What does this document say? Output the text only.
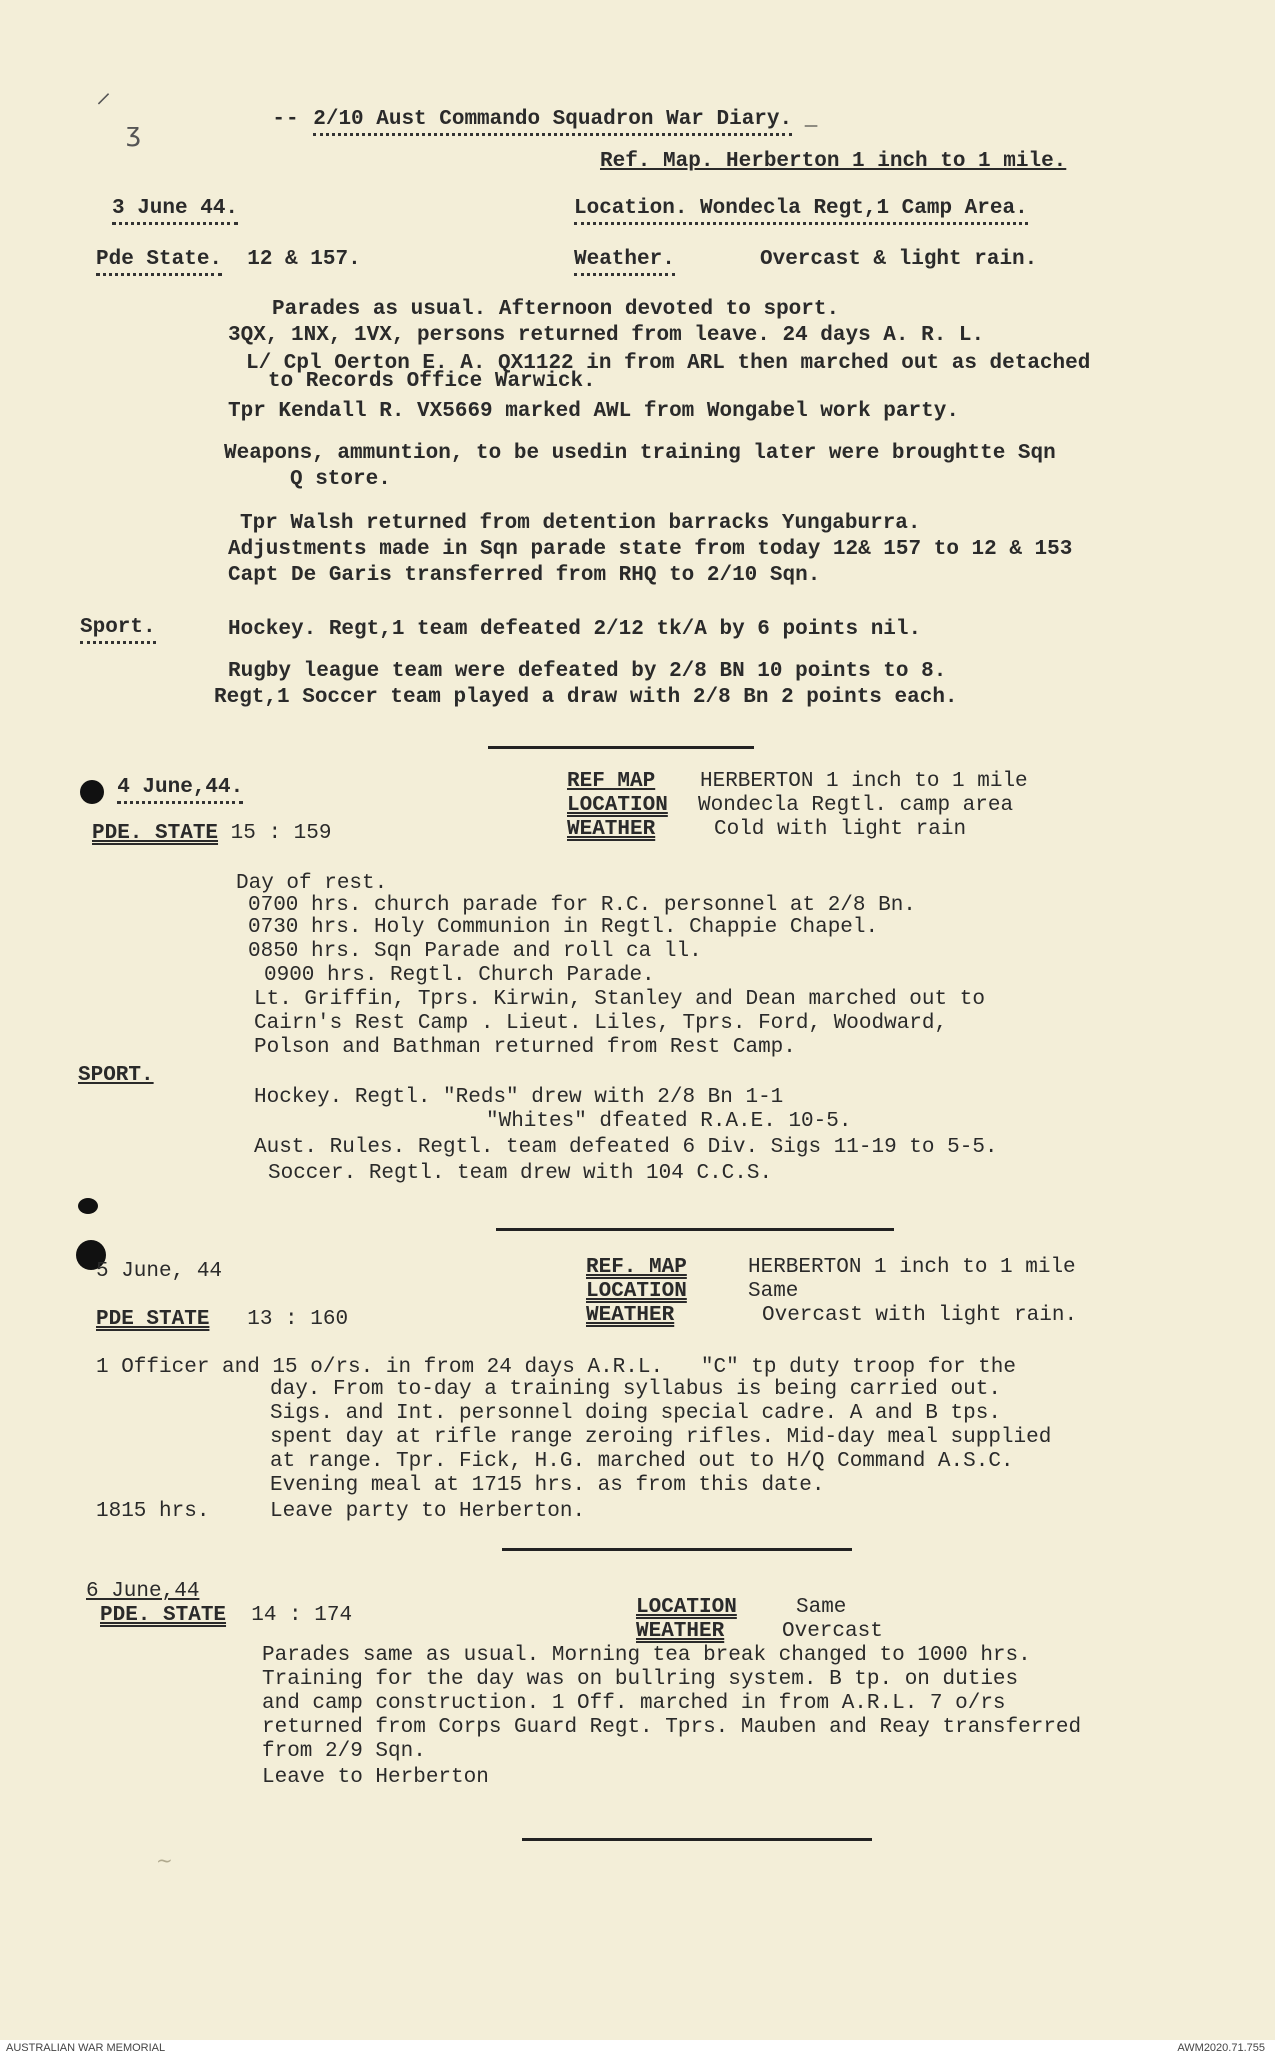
⸝
ʒ	-- 2/10 Aust Commando Squadron War Diary. _

Ref. Map. Herberton 1 inch to 1 mile.
3 June 44.	Location. Wondecla Regt,1 Camp Area.
Pde State. 12 & 157.	Weather.	Overcast & light rain.
Parades as usual. Afternoon devoted to sport.
3QX, 1NX, 1VX, persons returned from leave. 24 days A. R. L.
L/ Cpl Oerton E. A. QX1122 in from ARL then marched out as detached
to Records Office Warwick.
Tpr Kendall R. VX5669 marked AWL from Wongabel work party.
Weapons, ammuntion, to be usedin training later were broughtte Sqn
Q store.
Tpr Walsh returned from detention barracks Yungaburra.
Adjustments made in Sqn parade state from today 12& 157 to 12 & 153
Capt De Garis transferred from RHQ to 2/10 Sqn.
Sport.	Hockey. Regt,1 team defeated 2/12 tk/A by 6 points nil.
Rugby league team were defeated by 2/8 BN 10 points to 8.
Regt,1 Soccer team played a draw with 2/8 Bn 2 points each.
4 June,44.	REF MAP HERBERTON 1 inch to 1 mile
LOCATION Wondecla Regtl. camp area
WEATHER	Cold with light rain
PDE. STATE 15 : 159
Day of rest.
0700 hrs. church parade for R.C. personnel at 2/8 Bn.
0730 hrs. Holy Communion in Regtl. Chappie Chapel.
0850 hrs. Sqn Parade and roll ca ll.
0900 hrs. Regtl. Church Parade.
Lt. Griffin, Tprs. Kirwin, Stanley and Dean marched out to
Cairn's Rest Camp . Lieut. Liles, Tprs. Ford, Woodward,
Polson and Bathman returned from Rest Camp.
SPORT.
Hockey. Regtl. "Reds" drew with 2/8 Bn 1-1
"Whites" dfeated R.A.E. 10-5.
Aust. Rules. Regtl. team defeated 6 Div. Sigs 11-19 to 5-5.
Soccer. Regtl. team drew with 104 C.C.S.
5 June, 44	REF. MAP	HERBERTON 1 inch to 1 mile
LOCATION	Same
WEATHER	Overcast with light rain.
PDE STATE 13 : 160
1 Officer and 15 o/rs. in from 24 days A.R.L.   "C" tp duty troop for the
day. From to-day a training syllabus is being carried out.
Sigs. and Int. personnel doing special cadre. A and B tps.
spent day at rifle range zeroing rifles. Mid-day meal supplied
at range. Tpr. Fick, H.G. marched out to H/Q Command A.S.C.
Evening meal at 1715 hrs. as from this date.
1815 hrs.	Leave party to Herberton.
6 June,44
PDE. STATE 14 : 174	LOCATION	Same
WEATHER	Overcast
Parades same as usual. Morning tea break changed to 1000 hrs.
Training for the day was on bullring system. B tp. on duties
and camp construction. 1 Off. marched in from A.R.L. 7 o/rs
returned from Corps Guard Regt. Tprs. Mauben and Reay transferred
from 2/9 Sqn.
Leave to Herberton
~
AUSTRALIAN WAR MEMORIAL	AWM2020.71.755
